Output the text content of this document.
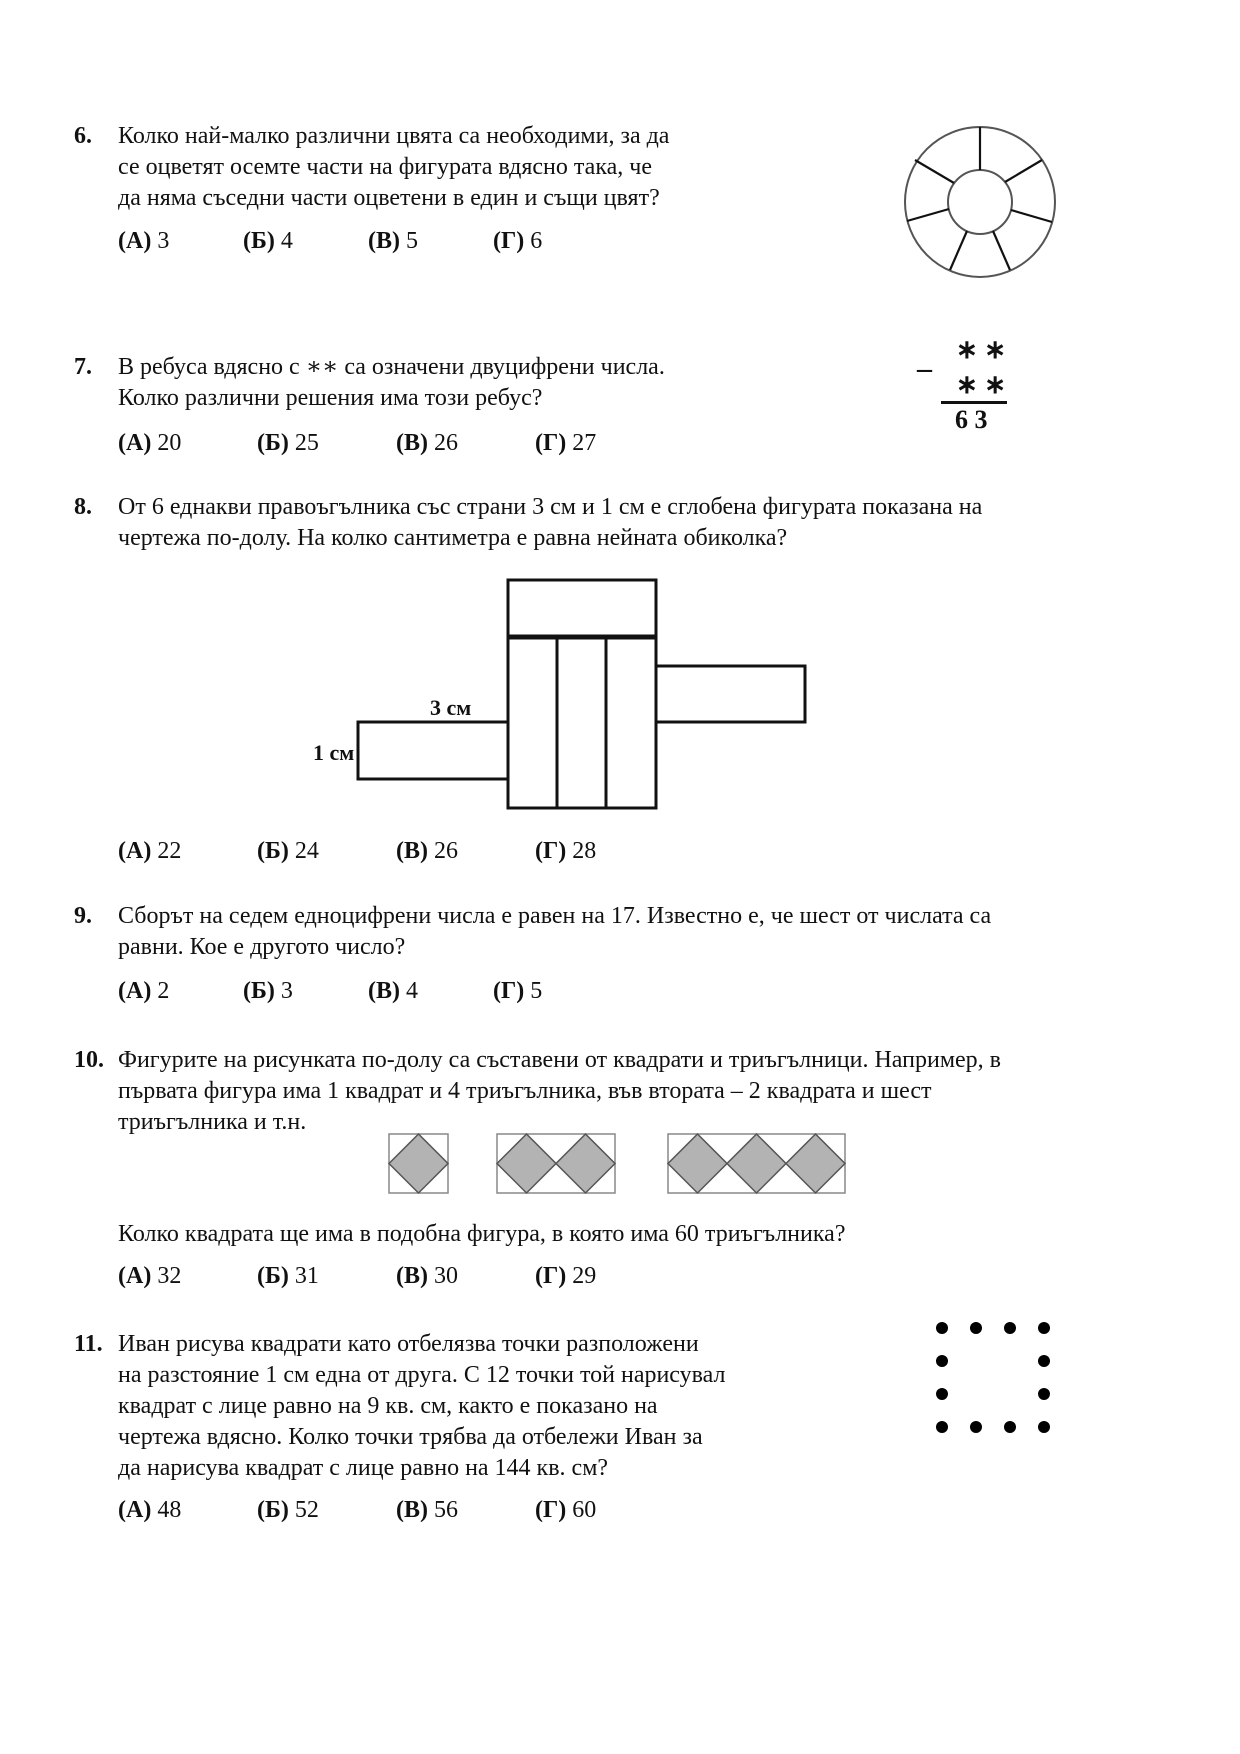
6. Колко най-малко различни цвята са необходими, за да
се оцветят осемте части на фигурата вдясно така, че
да няма съседни части оцветени в един и същи цвят?
(А) 3	(Б) 4	(В) 5	(Г) 6
7. В ребуса вдясно с ∗∗ са означени двуцифрени числа.
Колко различни решения има този ребус?
(А) 20	(Б) 25	(В) 26	(Г) 27
–
∗ ∗
∗ ∗
6 3
8. От 6 еднакви правоъгълника със страни 3 см и 1 см е сглобена фигурата показана на
чертежа по-долу. На колко сантиметра е равна нейната обиколка?
3 см
1 см
(А) 22	(Б) 24	(В) 26	(Г) 28
9. Сборът на седем едноцифрени числа е равен на 17. Известно е, че шест от числата са
равни. Кое е другото число?
(А) 2	(Б) 3	(В) 4	(Г) 5
10. Фигурите на рисунката по-долу са съставени от квадрати и триъгълници. Например, в
първата фигура има 1 квадрат и 4 триъгълника, във втората – 2 квадрата и шест
триъгълника и т.н.
Колко квадрата ще има в подобна фигура, в която има 60 триъгълника?
(А) 32	(Б) 31	(В) 30	(Г) 29
11. Иван рисува квадрати като отбелязва точки разположени
на разстояние 1 см една от друга. С 12 точки той нарисувал
квадрат с лице равно на 9 кв. см, както е показано на
чертежа вдясно. Колко точки трябва да отбележи Иван за
да нарисува квадрат с лице равно на 144 кв. см?
(А) 48	(Б) 52	(В) 56	(Г) 60
